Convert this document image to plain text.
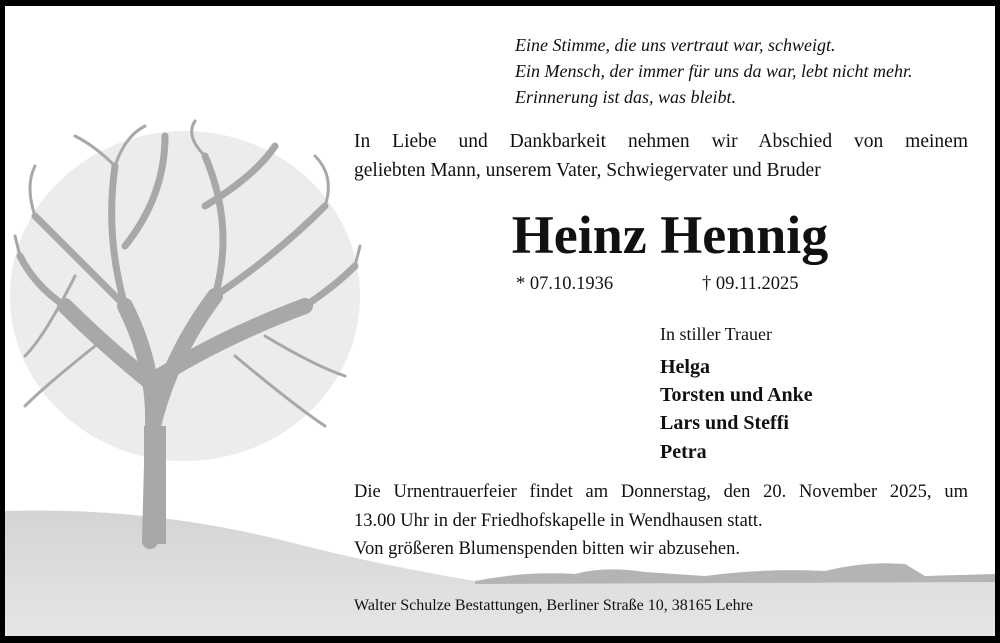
Eine Stimme, die uns vertraut war, schweigt.
Ein Mensch, der immer für uns da war, lebt nicht mehr.
Erinnerung ist das, was bleibt.
In Liebe und Dankbarkeit nehmen wir Abschied von meinem
geliebten Mann, unserem Vater, Schwiegervater und Bruder
Heinz Hennig
* 07.10.1936	† 09.11.2025
In stiller Trauer
Helga
Torsten und Anke
Lars und Steffi
Petra
Die Urnentrauerfeier findet am Donnerstag, den 20. November 2025, um
13.00 Uhr in der Friedhofskapelle in Wendhausen statt.
Von größeren Blumenspenden bitten wir abzusehen.
Walter Schulze Bestattungen, Berliner Straße 10, 38165 Lehre
